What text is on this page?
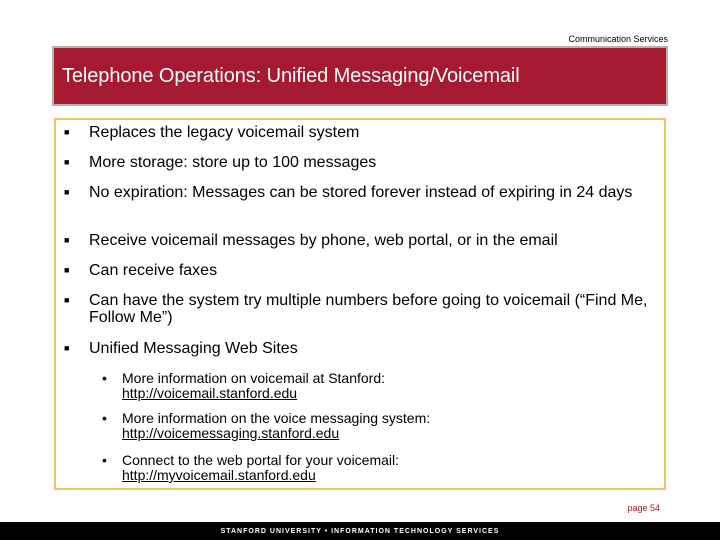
Communication Services
Telephone Operations: Unified Messaging/Voicemail
■ Replaces the legacy voicemail system
■ More storage: store up to 100 messages
■ No expiration: Messages can be stored forever instead of expiring in 24 days
■ Receive voicemail messages by phone, web portal, or in the email
■ Can receive faxes
■ Can have the system try multiple numbers before going to voicemail (“Find Me, Follow Me”)
■ Unified Messaging Web Sites
• More information on voicemail at Stanford:
http://voicemail.stanford.edu
• More information on the voice messaging system:
http://voicemessaging.stanford.edu
• Connect to the web portal for your voicemail:
http://myvoicemail.stanford.edu
page 54
STANFORD UNIVERSITY • INFORMATION TECHNOLOGY SERVICES
